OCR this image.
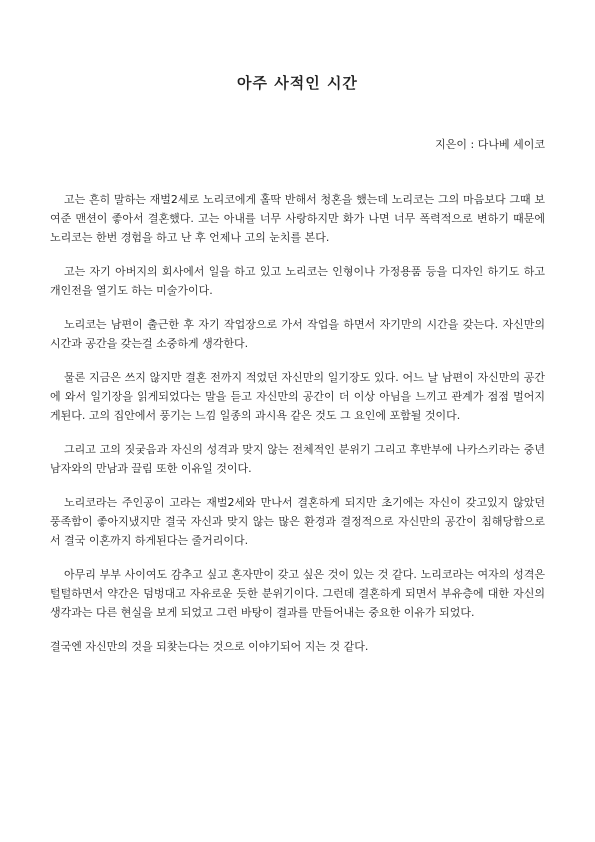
아주 사적인 시간
지은이 : 다나베 세이코

고는 흔히 말하는 재벌2세로 노리코에게 홀딱 반해서 청혼을 했는데 노리코는 그의 마음보다 그때 보여준 맨션이 좋아서 결혼했다. 고는 아내를 너무 사랑하지만 화가 나면 너무 폭력적으로 변하기 때문에 노리코는 한번 경험을 하고 난 후 언제나 고의 눈치를 본다.

고는 자기 아버지의 회사에서 일을 하고 있고 노리코는 인형이나 가정용품 등을 디자인 하기도 하고 개인전을 열기도 하는 미술가이다.

노리코는 남편이 출근한 후 자기 작업장으로 가서 작업을 하면서 자기만의 시간을 갖는다. 자신만의 시간과 공간을 갖는걸 소중하게 생각한다.

물론 지금은 쓰지 않지만 결혼 전까지 적었던 자신만의 일기장도 있다. 어느 날 남편이 자신만의 공간에 와서 일기장을 읽게되었다는 말을 듣고 자신만의 공간이 더 이상 아님을 느끼고 관계가 점점 멀어지게된다. 고의 집안에서 풍기는 느낌 일종의 과시욕 같은 것도 그 요인에 포함될 것이다.

그리고 고의 짓궂음과 자신의 성격과 맞지 않는 전체적인 분위기 그리고 후반부에 나카스키라는 중년 남자와의 만남과 끌림 또한 이유일 것이다.

노리코라는 주인공이 고라는 재벌2세와 만나서 결혼하게 되지만 초기에는 자신이 갖고있지 않았던 풍족함이 좋아지냈지만 결국 자신과 맞지 않는 많은 환경과 결정적으로 자신만의 공간이 침해당함으로서 결국 이혼까지 하게된다는 줄거리이다.

아무리 부부 사이여도 감추고 싶고 혼자만이 갖고 싶은 것이 있는 것 같다. 노리코라는 여자의 성격은 털털하면서 약간은 덤벙대고 자유로운 듯한 분위기이다. 그런데 결혼하게 되면서 부유층에 대한 자신의 생각과는 다른 현실을 보게 되었고 그런 바탕이 결과를 만들어내는 중요한 이유가 되었다.

결국엔 자신만의 것을 되찾는다는 것으로 이야기되어 지는 것 같다.
